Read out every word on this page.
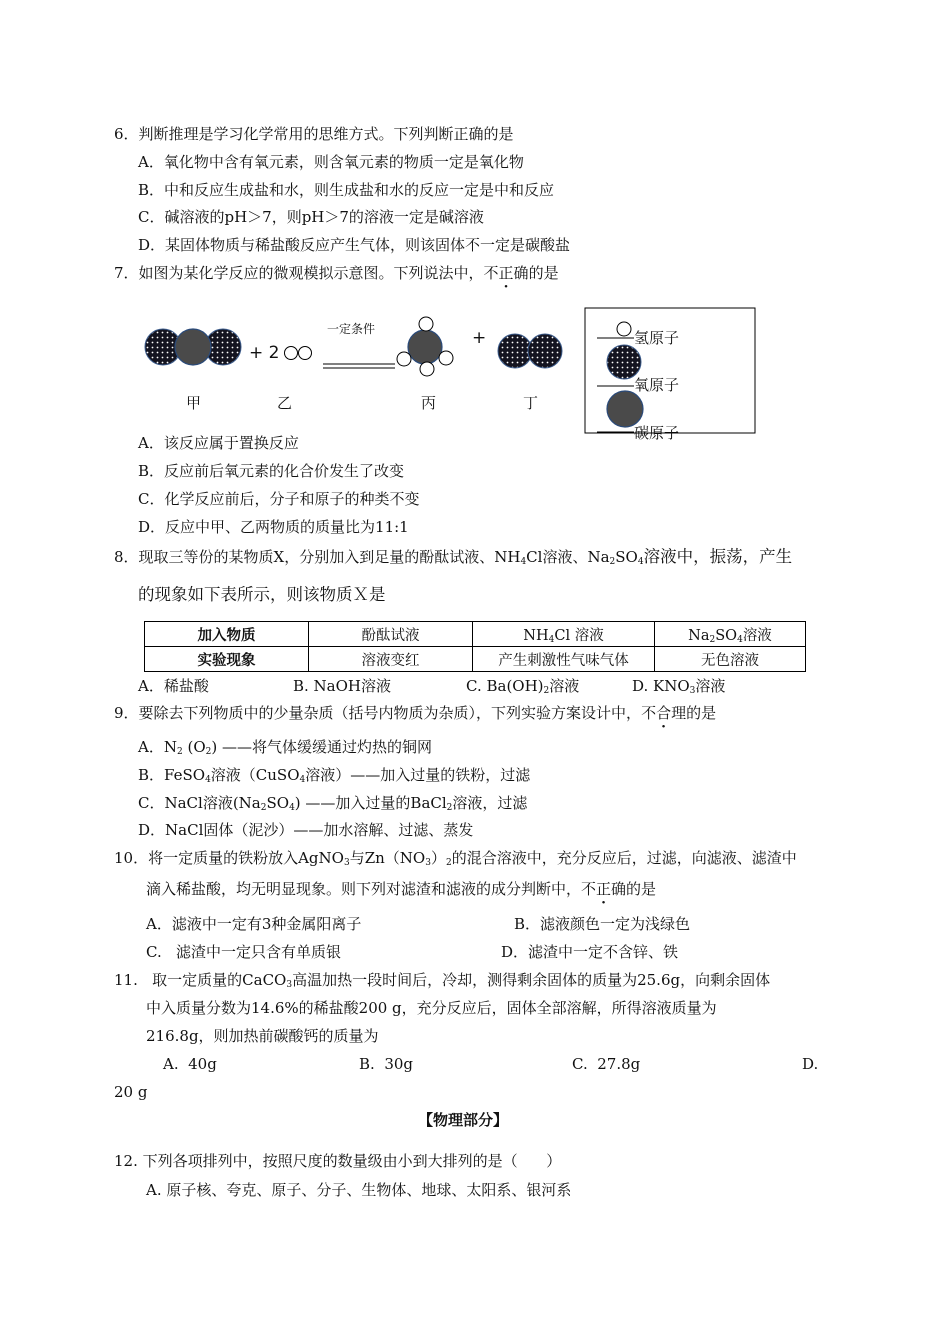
6．判断推理是学习化学常用的思维方式。下列判断正确的是
A．氧化物中含有氧元素，则含氧元素的物质一定是氧化物
B．中和反应生成盐和水，则生成盐和水的反应一定是中和反应
C．碱溶液的pH＞7，则pH＞7的溶液一定是碱溶液
D．某固体物质与稀盐酸反应产生气体，则该固体不一定是碳酸盐
7．如图为某化学反应的微观模拟示意图。下列说法中，不正确的是
+ 2
一定条件	+
甲	乙	丙	丁
氢原子
氧原子
碳原子
A．该反应属于置换反应
B．反应前后氧元素的化合价发生了改变
C．化学反应前后，分子和原子的种类不变
D．反应中甲、乙两物质的质量比为11:1
8．现取三等份的某物质X，分别加入到足量的酚酞试液、$NH_4Cl$溶液、$Na_2SO_4$溶液中，振荡，产生
的现象如下表所示，则该物质Ｘ是
加入物质	酚酞试液	$NH_4Cl$ 溶液	$Na_2SO_4$溶液
实验现象	溶液变红	产生刺激性气味气体	无色溶液
A．稀盐酸	B. NaOH溶液	C. $Ba(OH)_2$溶液	D. $KNO_3$溶液
9．要除去下列物质中的少量杂质（括号内物质为杂质），下列实验方案设计中，不合理的是
A．$N_2$ $(O_2)$ ——将气体缓缓通过灼热的铜网
B．FeSO$_4$溶液（CuSO$_4$溶液）——加入过量的铁粉，过滤
C．NaCl溶液$(Na_2SO_4)$ ——加入过量的BaCl$_2$溶液，过滤
D．NaCl固体（泥沙）——加水溶解、过滤、蒸发
10．将一定质量的铁粉放入AgNO$_3$与$Zn(NO_3)_2$的混合溶液中，充分反应后，过滤，向滤液、滤渣中
滴入稀盐酸，均无明显现象。则下列对滤渣和滤液的成分判断中，不正确的是
A．滤液中一定有3种金属阳离子	B．滤液颜色一定为浅绿色
C.   滤渣中一定只含有单质银	D．滤渣中一定不含锌、铁
11.   取一定质量的CaCO$_3$高温加热一段时间后，冷却，测得剩余固体的质量为25.6g，向剩余固体
中入质量分数为14.6%的稀盐酸200 g，充分反应后，固体全部溶解，所得溶液质量为
216.8g，则加热前碳酸钙的质量为
A.  40g	B.  30g	C.  27.8g	D.
20 g
【物理部分】
12. 下列各项排列中，按照尺度的数量级由小到大排列的是（      ）
A. 原子核、夸克、原子、分子、生物体、地球、太阳系、银河系
